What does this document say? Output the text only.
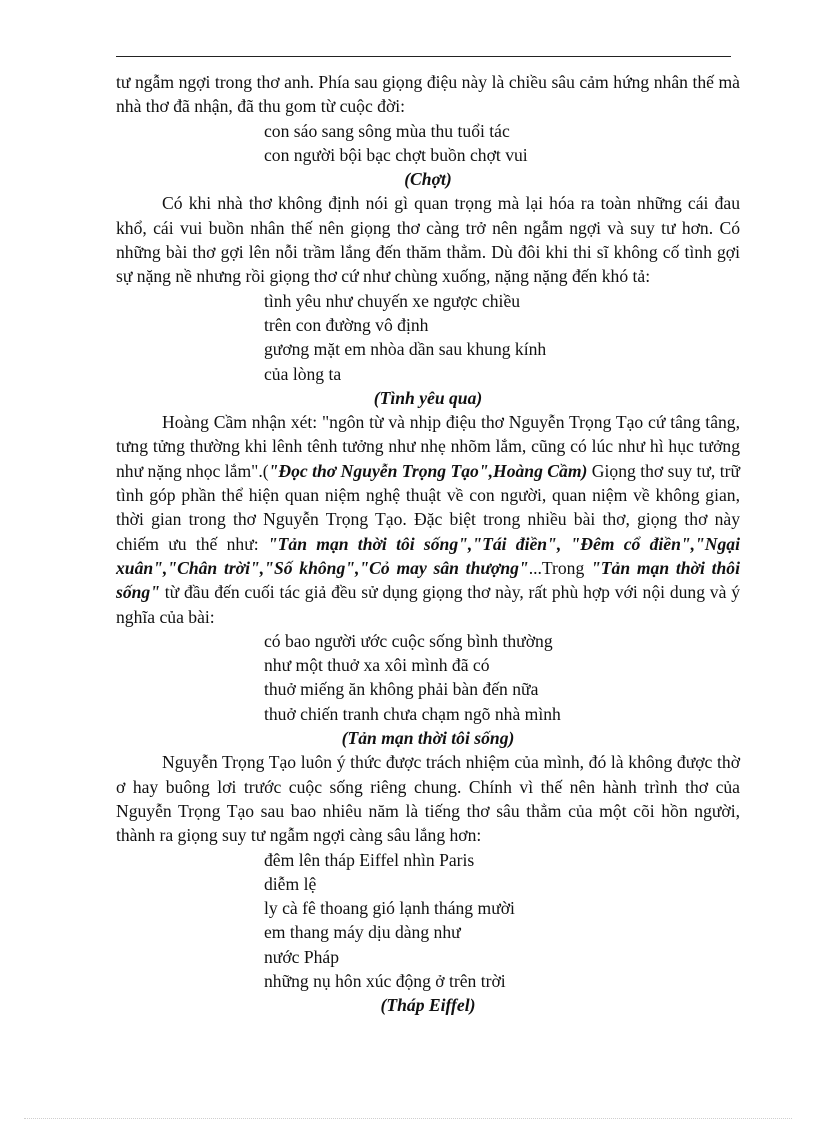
tư ngẫm ngợi trong thơ anh. Phía sau giọng điệu này là chiều sâu cảm hứng nhân thế mà nhà thơ đã nhận, đã thu gom từ cuộc đời:

con sáo sang sông mùa thu tuổi tác
con người bội bạc chợt buồn chợt vui

(Chợt)

Có khi nhà thơ không định nói gì quan trọng mà lại hóa ra toàn những cái đau khổ, cái vui buồn nhân thế nên giọng thơ càng trở nên ngẫm ngợi và suy tư hơn. Có những bài thơ gợi lên nỗi trầm lắng đến thăm thẳm. Dù đôi khi thi sĩ không cố tình gợi sự nặng nề nhưng rồi giọng thơ cứ như chùng xuống, nặng nặng đến khó tả:

tình yêu như chuyến xe ngược chiều
trên con đường vô định
gương mặt em nhòa dần sau khung kính
của lòng ta

(Tình yêu qua)

Hoàng Cầm nhận xét: "ngôn từ và nhịp điệu thơ Nguyễn Trọng Tạo cứ tâng tâng, tưng tửng thường khi lênh tênh tưởng như nhẹ nhõm lắm, cũng có lúc như hì hục tưởng như nặng nhọc lắm".("Đọc thơ Nguyễn Trọng Tạo",Hoàng Cầm) Giọng thơ suy tư, trữ tình góp phần thể hiện quan niệm nghệ thuật về con người, quan niệm về không gian, thời gian trong thơ Nguyễn Trọng Tạo. Đặc biệt trong nhiều bài thơ, giọng thơ này chiếm ưu thế như: "Tản mạn thời tôi sống","Tái điền", "Đêm cổ điền","Ngại xuân","Chân trời","Số không","Cỏ may sân thượng"...Trong "Tản mạn thời thôi sống" từ đầu đến cuối tác giả đều sử dụng giọng thơ này, rất phù hợp với nội dung và ý nghĩa của bài:

có bao người ước cuộc sống bình thường
như một thuở xa xôi mình đã có
thuở miếng ăn không phải bàn đến nữa
thuở chiến tranh chưa chạm ngõ nhà mình

(Tản mạn thời tôi sống)

Nguyễn Trọng Tạo luôn ý thức được trách nhiệm của mình, đó là không được thờ ơ hay buông lơi trước cuộc sống riêng chung. Chính vì thế nên hành trình thơ của Nguyễn Trọng Tạo sau bao nhiêu năm là tiếng thơ sâu thẳm của một cõi hồn người, thành ra giọng suy tư ngẫm ngợi càng sâu lắng hơn:

đêm lên tháp Eiffel nhìn Paris
diễm lệ
ly cà fê thoang gió lạnh tháng mười
em thang máy dịu dàng như
nước Pháp
những nụ hôn xúc động ở trên trời

(Tháp Eiffel)
